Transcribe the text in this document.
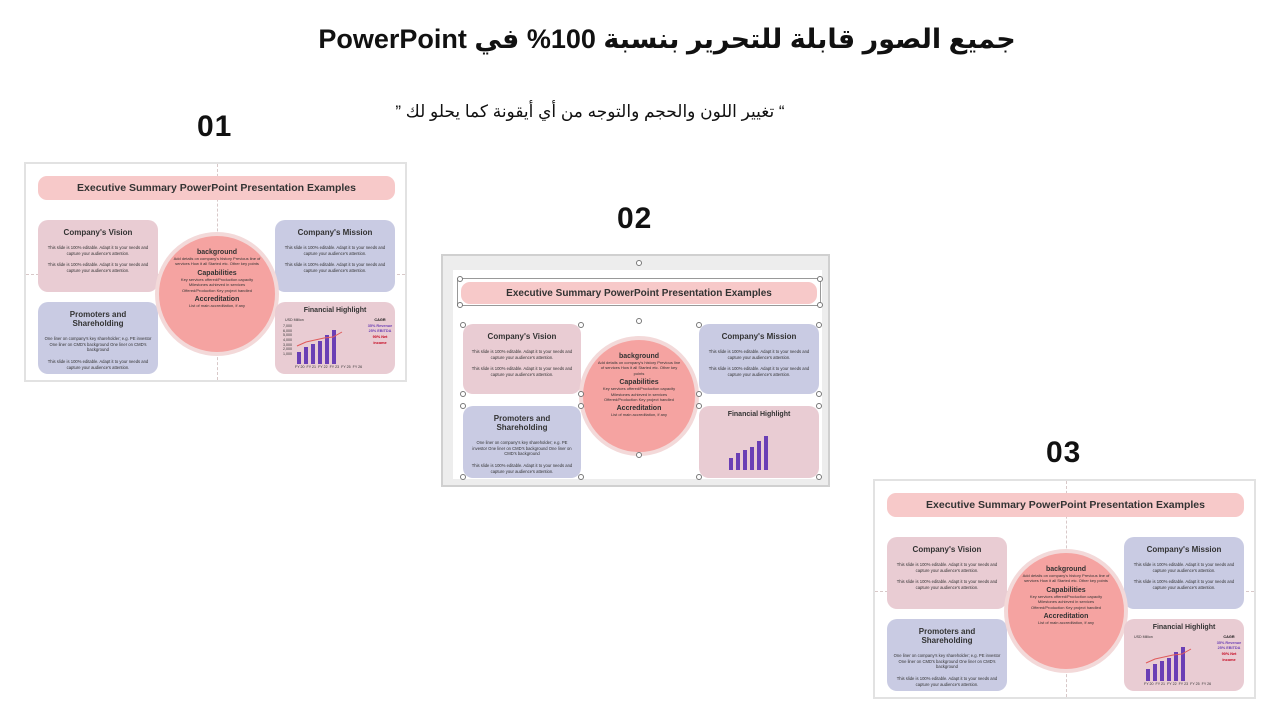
جميع الصور قابلة للتحرير بنسبة 100% في PowerPoint
“ تغيير اللون والحجم والتوجه من أي أيقونة كما يحلو لك ”
01
02
03
Executive Summary PowerPoint Presentation Examples
Company's Vision
This slide is 100% editable. Adapt it to your needs and capture your audience's attention.
This slide is 100% editable. Adapt it to your needs and capture your audience's attention.
Company's Mission
This slide is 100% editable. Adapt it to your needs and capture your audience's attention.
This slide is 100% editable. Adapt it to your needs and capture your audience's attention.
Promoters and Shareholding
One liner on company's key shareholder; e.g. PE investor One liner on CMD's background One liner on CMD's background
This slide is 100% editable. Adapt it to your needs and capture your audience's attention.
background
Add details on company's history Previous line of services How it all Started etc. Other key points
Capabilities
Key services offered/Production capacity Milestones achieved in services Offered/Production Key project handled
Accreditation
List of main accreditation, if any
Financial Highlight
USD Million
7,000
6,000
5,000
4,000
3,000
2,000
1,000
FY 20 FY 21 FY 22 FY 23 FY 25 FY 26
CAGR
35% Revenue
25% EBITDA
90% Net income
Executive Summary PowerPoint Presentation Examples
Company's Vision
This slide is 100% editable. Adapt it to your needs and capture your audience's attention.
This slide is 100% editable. Adapt it to your needs and capture your audience's attention.
Company's Mission
This slide is 100% editable. Adapt it to your needs and capture your audience's attention.
This slide is 100% editable. Adapt it to your needs and capture your audience's attention.
Promoters and Shareholding
One liner on company's key shareholder; e.g. PE investor One liner on CMD's background One liner on CMD's background
This slide is 100% editable. Adapt it to your needs and capture your audience's attention.
background
Add details on company's history Previous line of services How it all Started etc. Other key points
Capabilities
Key services offered/Production capacity Milestones achieved in services Offered/Production Key project handled
Accreditation
List of main accreditation, if any	Financial Highlight
Executive Summary PowerPoint Presentation Examples
Company's Vision
This slide is 100% editable. Adapt it to your needs and capture your audience's attention.
This slide is 100% editable. Adapt it to your needs and capture your audience's attention.
Company's Mission
This slide is 100% editable. Adapt it to your needs and capture your audience's attention.
This slide is 100% editable. Adapt it to your needs and capture your audience's attention.
Promoters and Shareholding
One liner on company's key shareholder; e.g. PE investor One liner on CMD's background One liner on CMD's background
This slide is 100% editable. Adapt it to your needs and capture your audience's attention.
background
Add details on company's history Previous line of services How it all Started etc. Other key points
Capabilities
Key services offered/Production capacity Milestones achieved in services Offered/Production Key project handled
Accreditation
List of main accreditation, if any
Financial Highlight
USD Million
FY 20 FY 21 FY 22 FY 23 FY 25 FY 26
CAGR
35% Revenue
25% EBITDA
90% Net income
